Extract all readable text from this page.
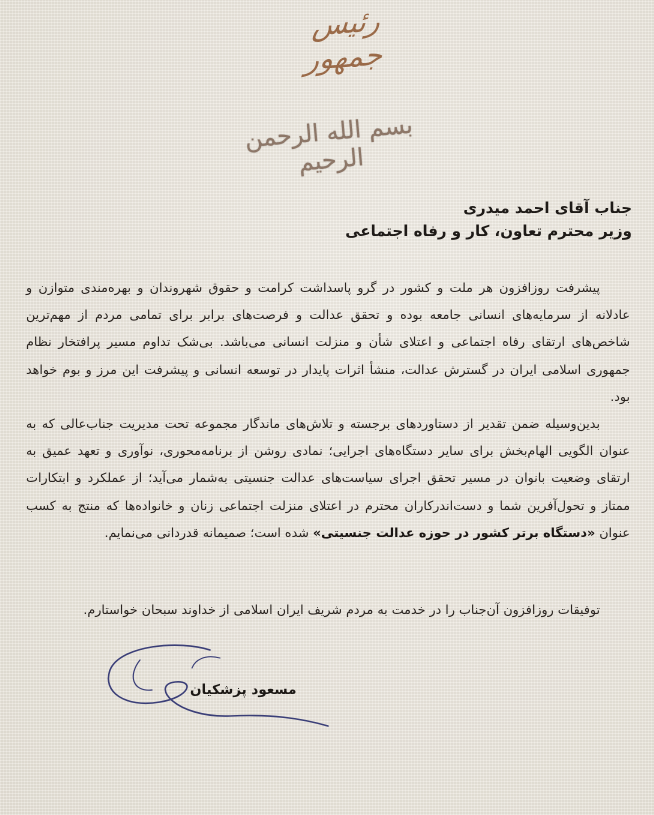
رئیس جمهور
بسم الله الرحمن الرحیم
جناب آقای احمد میدری
وزیر محترم تعاون، کار و رفاه اجتماعی

پیشرفت روزافزون هر ملت و کشور در گرو پاسداشت کرامت و حقوق شهروندان و بهره‌مندی متوازن و عادلانه از سرمایه‌های انسانی جامعه بوده و تحقق عدالت و فرصت‌های برابر برای تمامی مردم از مهم‌ترین شاخص‌های ارتقای رفاه اجتماعی و اعتلای شأن و منزلت انسانی می‌باشد. بی‌شک تداوم مسیر پرافتخار نظام جمهوری اسلامی ایران در گسترش عدالت، منشأ اثرات پایدار در توسعه انسانی و پیشرفت این مرز و بوم خواهد بود.

بدین‌وسیله ضمن تقدیر از دستاوردهای برجسته و تلاش‌های ماندگار مجموعه تحت مدیریت جناب‌عالی که به عنوان الگویی الهام‌بخش برای سایر دستگاه‌های اجرایی؛ نمادی روشن از برنامه‌محوری، نوآوری و تعهد عمیق به ارتقای وضعیت بانوان در مسیر تحقق اجرای سیاست‌های عدالت جنسیتی به‌شمار می‌آید؛ از عملکرد و ابتکارات ممتاز و تحول‌آفرین شما و دست‌اندرکاران محترم در اعتلای منزلت اجتماعی زنان و خانواده‌ها که منتج به کسب عنوان «دستگاه برتر کشور در حوزه عدالت جنسیتی» شده است؛ صمیمانه قدردانی می‌نمایم.

توفیقات روزافزون آن‌جناب را در خدمت به مردم شریف ایران اسلامی از خداوند سبحان خواستارم.
مسعود پزشکیان
